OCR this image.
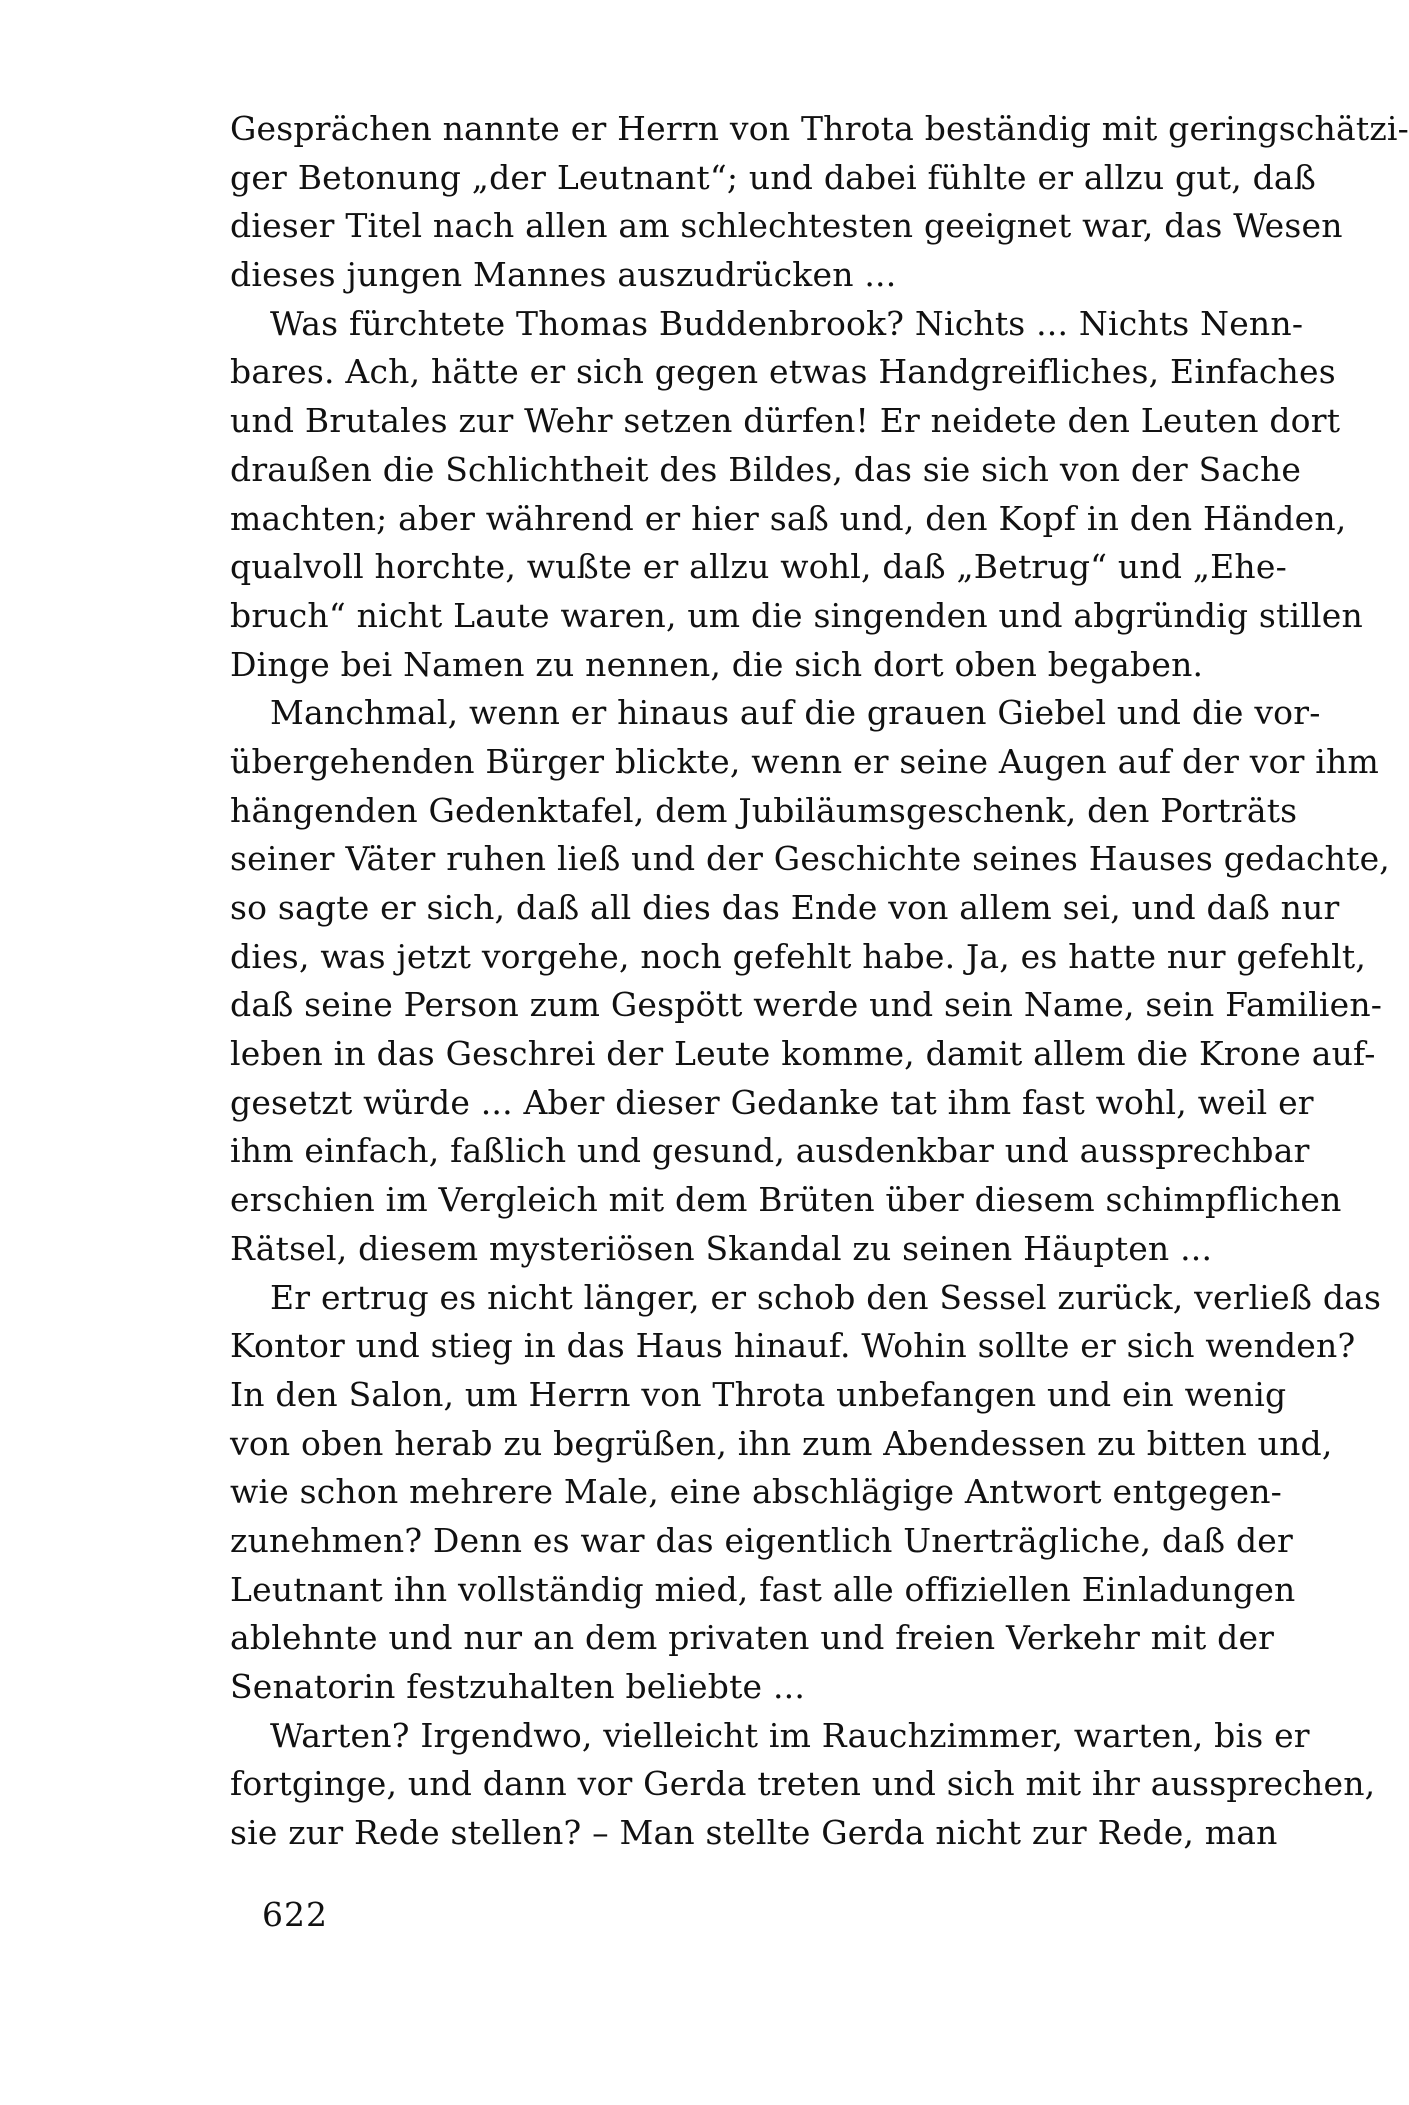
Gesprächen nannte er Herrn von Throta beständig mit geringschätzi-
ger Betonung „der Leutnant“; und dabei fühlte er allzu gut, daß
dieser Titel nach allen am schlechtesten geeignet war, das Wesen
dieses jungen Mannes auszudrücken ...
Was fürchtete Thomas Buddenbrook? Nichts ... Nichts Nenn-
bares. Ach, hätte er sich gegen etwas Handgreifliches, Einfaches
und Brutales zur Wehr setzen dürfen! Er neidete den Leuten dort
draußen die Schlichtheit des Bildes, das sie sich von der Sache
machten; aber während er hier saß und, den Kopf in den Händen,
qualvoll horchte, wußte er allzu wohl, daß „Betrug“ und „Ehe-
bruch“ nicht Laute waren, um die singenden und abgründig stillen
Dinge bei Namen zu nennen, die sich dort oben begaben.
Manchmal, wenn er hinaus auf die grauen Giebel und die vor-
übergehenden Bürger blickte, wenn er seine Augen auf der vor ihm
hängenden Gedenktafel, dem Jubiläumsgeschenk, den Porträts
seiner Väter ruhen ließ und der Geschichte seines Hauses gedachte,
so sagte er sich, daß all dies das Ende von allem sei, und daß nur
dies, was jetzt vorgehe, noch gefehlt habe. Ja, es hatte nur gefehlt,
daß seine Person zum Gespött werde und sein Name, sein Familien-
leben in das Geschrei der Leute komme, damit allem die Krone auf-
gesetzt würde ... Aber dieser Gedanke tat ihm fast wohl, weil er
ihm einfach, faßlich und gesund, ausdenkbar und aussprechbar
erschien im Vergleich mit dem Brüten über diesem schimpflichen
Rätsel, diesem mysteriösen Skandal zu seinen Häupten ...
Er ertrug es nicht länger, er schob den Sessel zurück, verließ das
Kontor und stieg in das Haus hinauf. Wohin sollte er sich wenden?
In den Salon, um Herrn von Throta unbefangen und ein wenig
von oben herab zu begrüßen, ihn zum Abendessen zu bitten und,
wie schon mehrere Male, eine abschlägige Antwort entgegen-
zunehmen? Denn es war das eigentlich Unerträgliche, daß der
Leutnant ihn vollständig mied, fast alle offiziellen Einladungen
ablehnte und nur an dem privaten und freien Verkehr mit der
Senatorin festzuhalten beliebte ...
Warten? Irgendwo, vielleicht im Rauchzimmer, warten, bis er
fortginge, und dann vor Gerda treten und sich mit ihr aussprechen,
sie zur Rede stellen? – Man stellte Gerda nicht zur Rede, man
622
